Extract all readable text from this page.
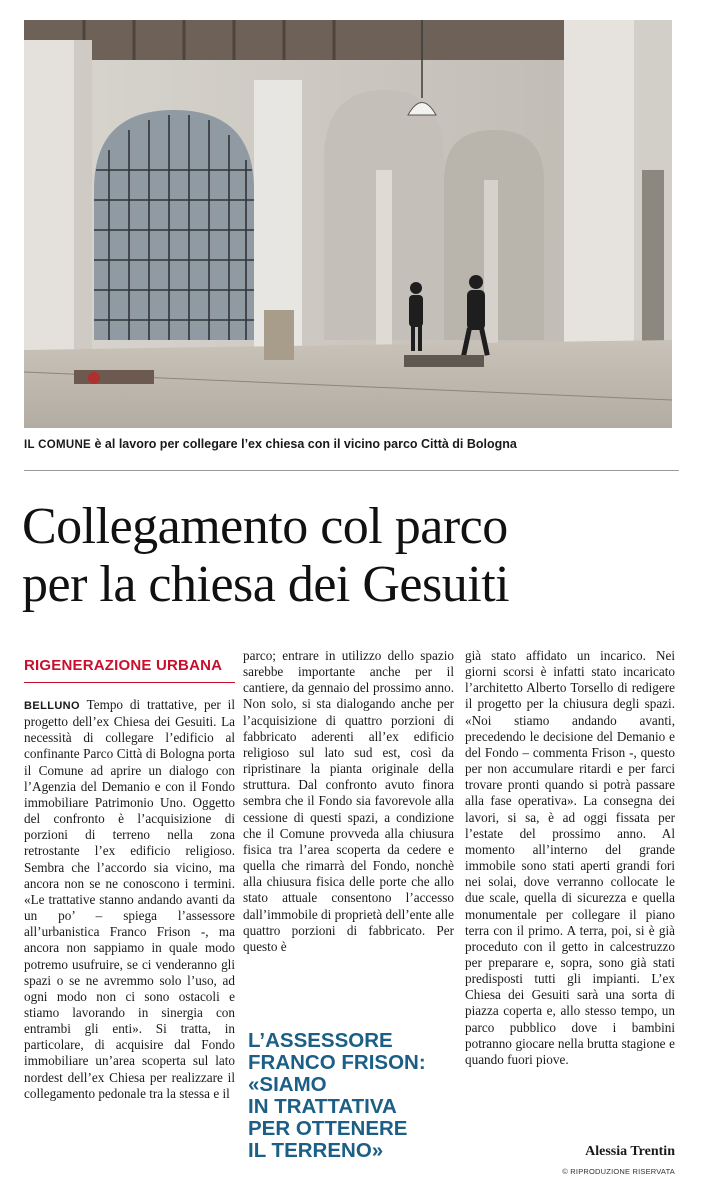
IL COMUNE è al lavoro per collegare l’ex chiesa con il vicino parco Città di Bologna
Collegamento col parco
per la chiesa dei Gesuiti
RIGENERAZIONE URBANA

BELLUNO Tempo di trattative, per il progetto dell’ex Chiesa dei Gesuiti. La necessità di collegare l’edificio al confinante Parco Città di Bologna porta il Comune ad aprire un dialogo con l’Agenzia del Demanio e con il Fondo immobiliare Patrimonio Uno. Oggetto del confronto è l’acquisizione di porzioni di terreno nella zona retrostante l’ex edificio religioso. Sembra che l’accordo sia vicino, ma ancora non se ne conoscono i termini. «Le trattative stanno andando avanti da un po’ – spiega l’assessore all’urbanistica Franco Frison -, ma ancora non sappiamo in quale modo potremo usufruire, se ci venderanno gli spazi o se ne avremmo solo l’uso, ad ogni modo non ci sono ostacoli e stiamo lavorando in sinergia con entrambi gli enti». Si tratta, in particolare, di acquisire dal Fondo immobiliare un’area scoperta sul lato nordest dell’ex Chiesa per realizzare il collegamento pedonale tra la stessa e il

parco; entrare in utilizzo dello spazio sarebbe importante anche per il cantiere, da gennaio del prossimo anno. Non solo, si sta dialogando anche per l’acquisizione di quattro porzioni di fabbricato aderenti all’ex edificio religioso sul lato sud est, così da ripristinare la pianta originale della struttura. Dal confronto avuto finora sembra che il Fondo sia favorevole alla cessione di questi spazi, a condizione che il Comune provveda alla chiusura fisica tra l’area scoperta da cedere e quella che rimarrà del Fondo, nonchè alla chiusura fisica delle porte che allo stato attuale consentono l’accesso dall’immobile di proprietà dell’ente alle quattro porzioni di fabbricato. Per questo è

L’ASSESSORE
FRANCO FRISON:
«SIAMO
IN TRATTATIVA
PER OTTENERE
IL TERRENO»

già stato affidato un incarico. Nei giorni scorsi è infatti stato incaricato l’architetto Alberto Torsello di redigere il progetto per la chiusura degli spazi. «Noi stiamo andando avanti, precedendo le decisione del Demanio e del Fondo – commenta Frison -, questo per non accumulare ritardi e per farci trovare pronti quando si potrà passare alla fase operativa». La consegna dei lavori, si sa, è ad oggi fissata per l’estate del prossimo anno. Al momento all’interno del grande immobile sono stati aperti grandi fori nei solai, dove verranno collocate le due scale, quella di sicurezza e quella monumentale per collegare il piano terra con il primo. A terra, poi, si è già proceduto con il getto in calcestruzzo per preparare e, sopra, sono già stati predisposti tutti gli impianti. L’ex Chiesa dei Gesuiti sarà una sorta di piazza coperta e, allo stesso tempo, un parco pubblico dove i bambini potranno giocare nella brutta stagione e quando fuori piove.

Alessia Trentin
© RIPRODUZIONE RISERVATA
